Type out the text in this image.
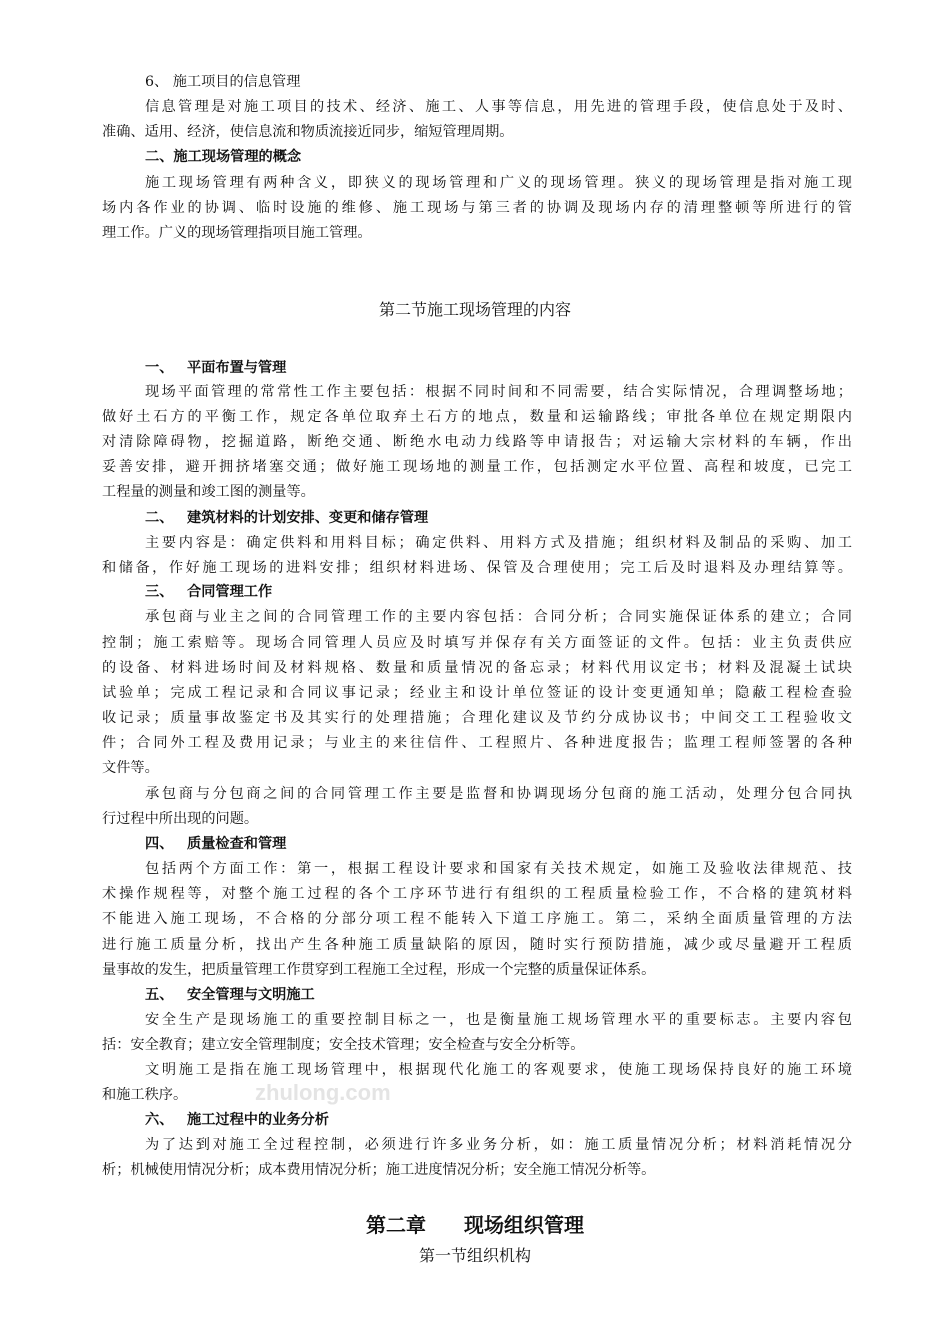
6、 施工项目的信息管理
信息管理是对施工项目的技术、经济、施工、人事等信息，用先进的管理手段，使信息处于及时、
准确、适用、经济，使信息流和物质流接近同步，缩短管理周期。
二、施工现场管理的概念
施工现场管理有两种含义，即狭义的现场管理和广义的现场管理。狭义的现场管理是指对施工现
场内各作业的协调、临时设施的维修、施工现场与第三者的协调及现场内存的清理整顿等所进行的管
理工作。广义的现场管理指项目施工管理。
第二节施工现场管理的内容
一、 平面布置与管理
现场平面管理的常常性工作主要包括：根据不同时间和不同需要，结合实际情况，合理调整场地；
做好土石方的平衡工作，规定各单位取弃土石方的地点，数量和运输路线；审批各单位在规定期限内
对清除障碍物，挖掘道路，断绝交通、断绝水电动力线路等申请报告；对运输大宗材料的车辆，作出
妥善安排，避开拥挤堵塞交通；做好施工现场地的测量工作，包括测定水平位置、高程和坡度，已完工
工程量的测量和竣工图的测量等。
二、 建筑材料的计划安排、变更和储存管理
主要内容是：确定供料和用料目标；确定供料、用料方式及措施；组织材料及制品的采购、加工
和储备，作好施工现场的进料安排；组织材料进场、保管及合理使用；完工后及时退料及办理结算等。
三、 合同管理工作
承包商与业主之间的合同管理工作的主要内容包括：合同分析；合同实施保证体系的建立；合同
控制；施工索赔等。现场合同管理人员应及时填写并保存有关方面签证的文件。包括：业主负责供应
的设备、材料进场时间及材料规格、数量和质量情况的备忘录；材料代用议定书；材料及混凝土试块
试验单；完成工程记录和合同议事记录；经业主和设计单位签证的设计变更通知单；隐蔽工程检查验
收记录；质量事故鉴定书及其实行的处理措施；合理化建议及节约分成协议书；中间交工工程验收文
件；合同外工程及费用记录；与业主的来往信件、工程照片、各种进度报告；监理工程师签署的各种
文件等。
承包商与分包商之间的合同管理工作主要是监督和协调现场分包商的施工活动，处理分包合同执
行过程中所出现的问题。
四、 质量检查和管理
包括两个方面工作：第一，根据工程设计要求和国家有关技术规定，如施工及验收法律规范、技
术操作规程等，对整个施工过程的各个工序环节进行有组织的工程质量检验工作，不合格的建筑材料
不能进入施工现场，不合格的分部分项工程不能转入下道工序施工。第二，采纳全面质量管理的方法
进行施工质量分析，找出产生各种施工质量缺陷的原因，随时实行预防措施，减少或尽量避开工程质
量事故的发生，把质量管理工作贯穿到工程施工全过程，形成一个完整的质量保证体系。
五、 安全管理与文明施工
安全生产是现场施工的重要控制目标之一，也是衡量施工规场管理水平的重要标志。主要内容包
括：安全教育；建立安全管理制度；安全技术管理；安全检查与安全分析等。
文明施工是指在施工现场管理中，根据现代化施工的客观要求，使施工现场保持良好的施工环境
和施工秩序。	zhulong.com
六、 施工过程中的业务分析
为了达到对施工全过程控制，必须进行许多业务分析，如：施工质量情况分析；材料消耗情况分
析；机械使用情况分析；成本费用情况分析；施工进度情况分析；安全施工情况分析等。
第二章 现场组织管理
第一节组织机构
